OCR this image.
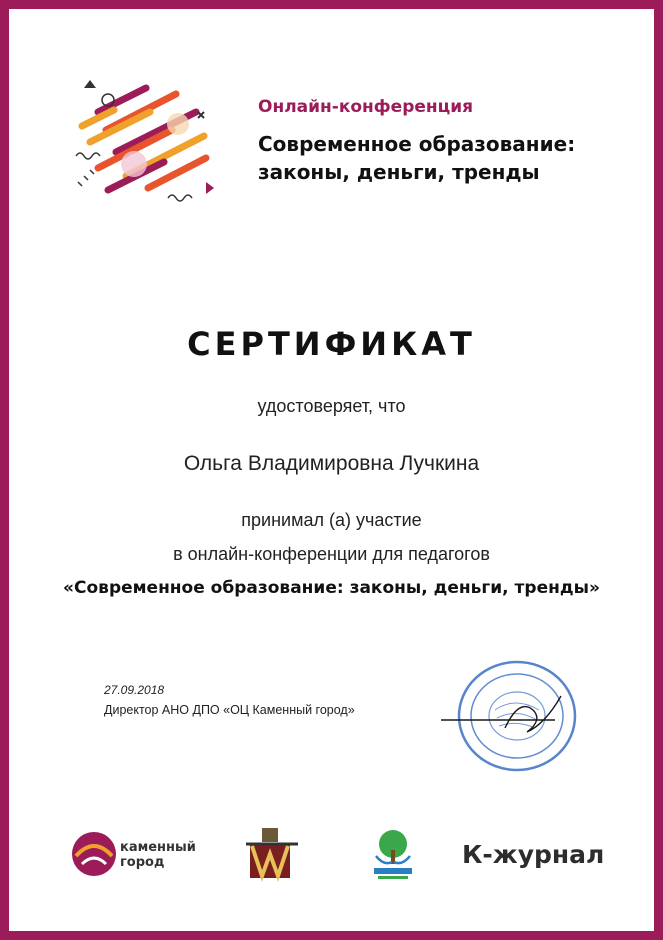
Онлайн-конференция
Современное образование:
законы, деньги, тренды
СЕРТИФИКАТ
удостоверяет, что
Ольга Владимировна Лучкина
принимал (а) участие
в онлайн-конференции для педагогов
«Современное образование: законы, деньги, тренды»
27.09.2018
Директор АНО ДПО «ОЦ Каменный город»
каменный
город	К-журнал
